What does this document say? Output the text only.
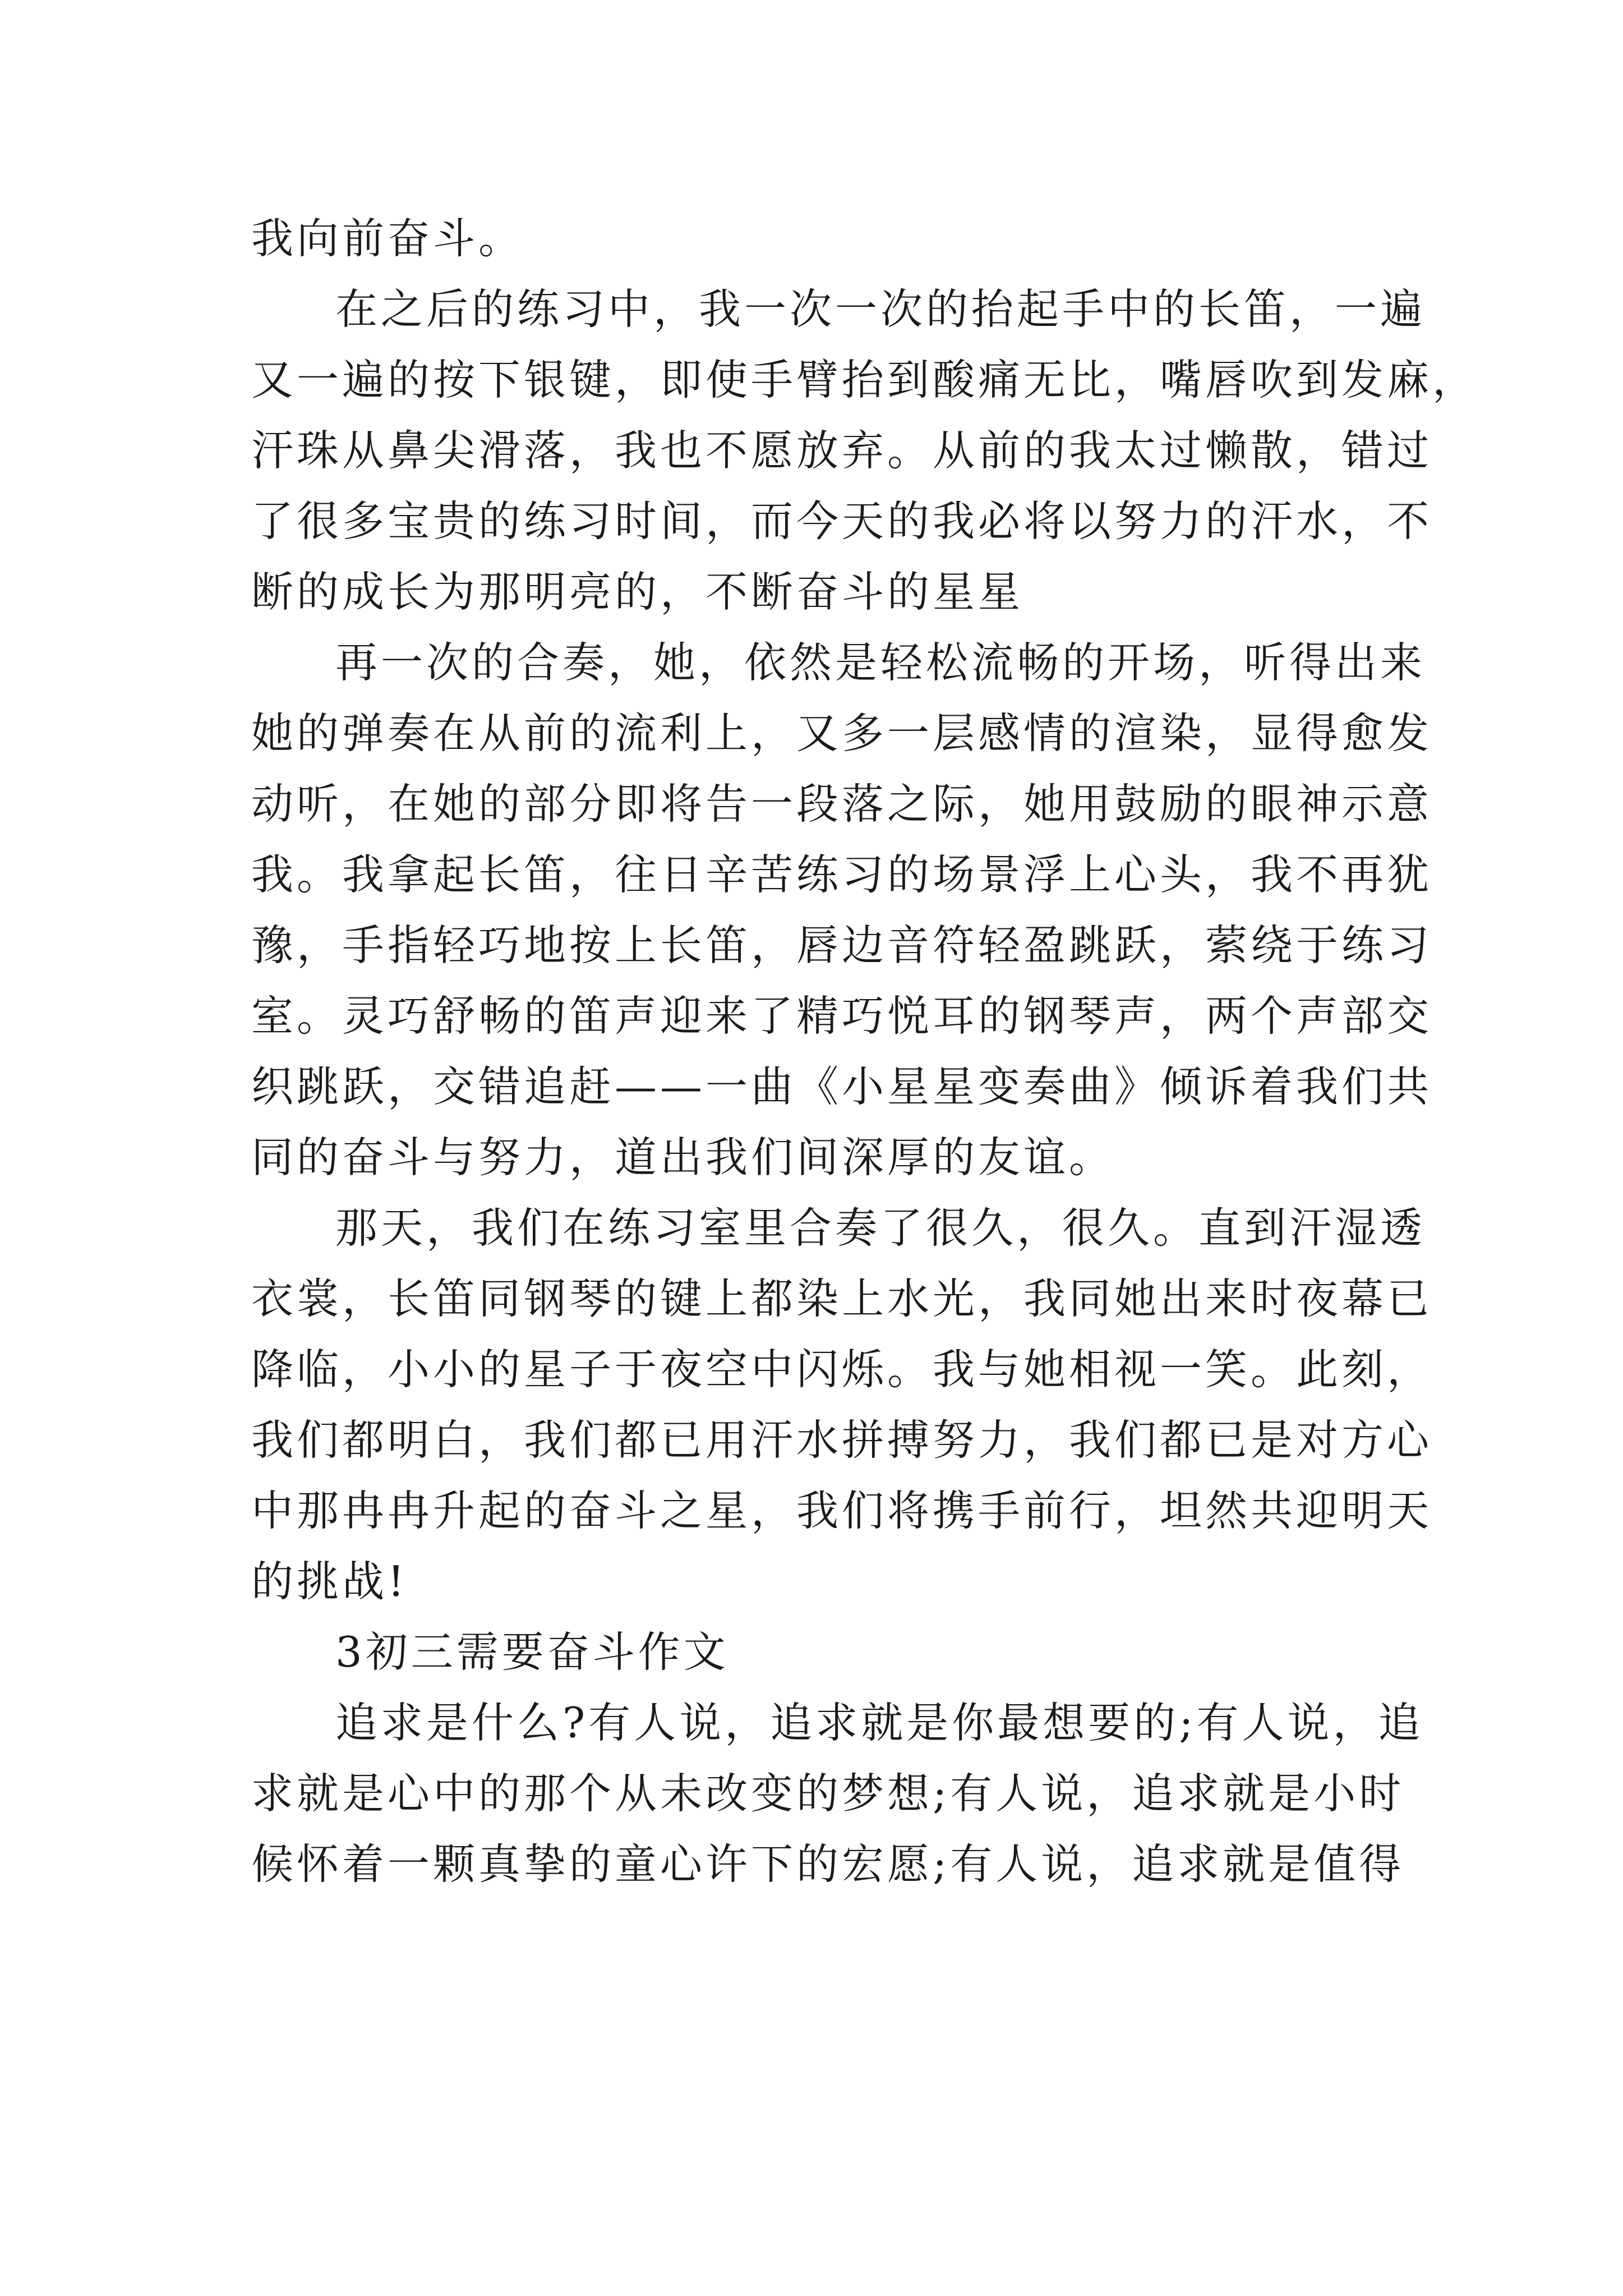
我向前奋斗。
在之后的练习中，我一次一次的抬起手中的长笛，一遍
又一遍的按下银键，即使手臂抬到酸痛无比，嘴唇吹到发麻，
汗珠从鼻尖滑落，我也不愿放弃。从前的我太过懒散，错过
了很多宝贵的练习时间，而今天的我必将以努力的汗水，不
断的成长为那明亮的，不断奋斗的星星
再一次的合奏，她，依然是轻松流畅的开场，听得出来
她的弹奏在从前的流利上，又多一层感情的渲染，显得愈发
动听，在她的部分即将告一段落之际，她用鼓励的眼神示意
我。我拿起长笛，往日辛苦练习的场景浮上心头，我不再犹
豫，手指轻巧地按上长笛，唇边音符轻盈跳跃，萦绕于练习
室。灵巧舒畅的笛声迎来了精巧悦耳的钢琴声，两个声部交
织跳跃，交错追赶——一曲《小星星变奏曲》倾诉着我们共
同的奋斗与努力，道出我们间深厚的友谊。
那天，我们在练习室里合奏了很久，很久。直到汗湿透
衣裳，长笛同钢琴的键上都染上水光，我同她出来时夜幕已
降临，小小的星子于夜空中闪烁。我与她相视一笑。此刻，
我们都明白，我们都已用汗水拼搏努力，我们都已是对方心
中那冉冉升起的奋斗之星，我们将携手前行，坦然共迎明天
的挑战!
3初三需要奋斗作文
追求是什么?有人说，追求就是你最想要的;有人说，追
求就是心中的那个从未改变的梦想;有人说，追求就是小时
候怀着一颗真挚的童心许下的宏愿;有人说，追求就是值得
